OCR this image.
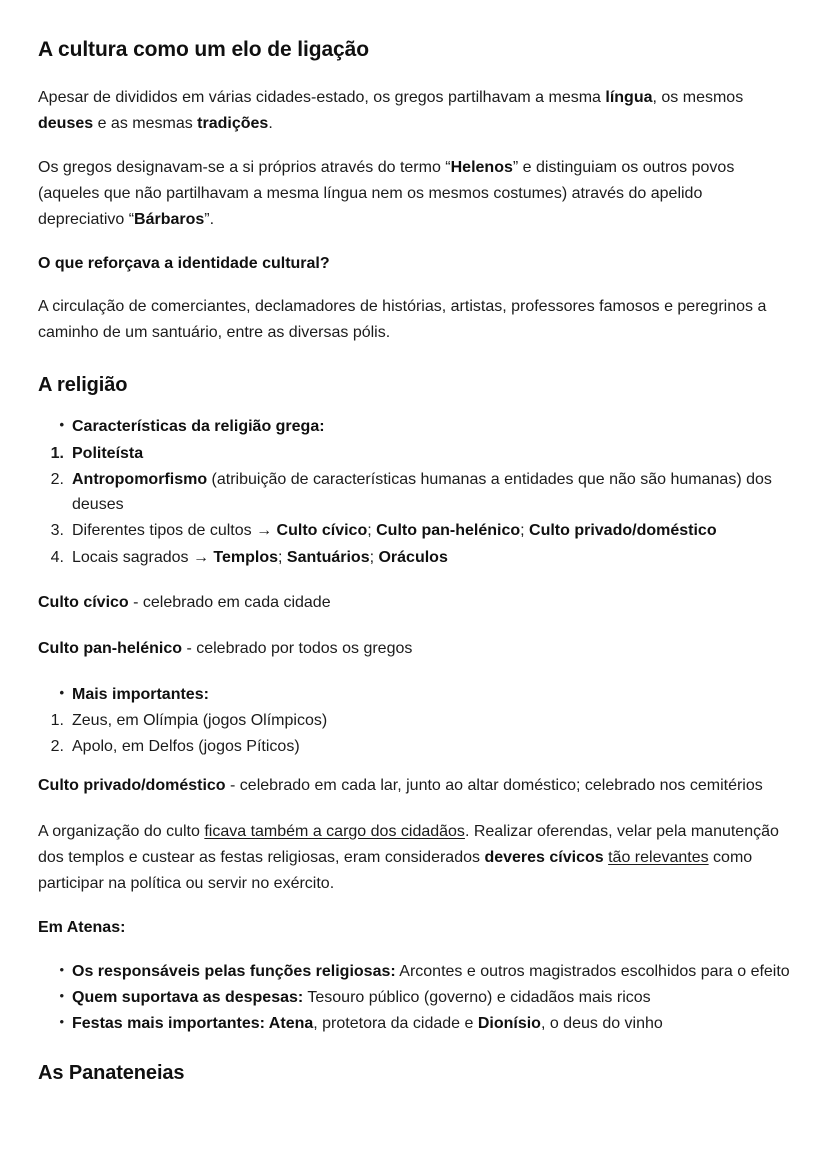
A cultura como um elo de ligação

Apesar de divididos em várias cidades-estado, os gregos partilhavam a mesma língua, os mesmos deuses e as mesmas tradições.

Os gregos designavam-se a si próprios através do termo “Helenos” e distinguiam os outros povos (aqueles que não partilhavam a mesma língua nem os mesmos costumes) através do apelido depreciativo “Bárbaros”.

O que reforçava a identidade cultural?

A circulação de comerciantes, declamadores de histórias, artistas, professores famosos e peregrinos a caminho de um santuário, entre as diversas pólis.

A religião
• Características da religião grega:
1. Politeísta
2. Antropomorfismo (atribuição de características humanas a entidades que não são humanas) dos deuses
3. Diferentes tipos de cultos → Culto cívico; Culto pan-helénico; Culto privado/doméstico
4. Locais sagrados → Templos; Santuários; Oráculos

Culto cívico - celebrado em cada cidade

Culto pan-helénico - celebrado por todos os gregos

• Mais importantes:
1. Zeus, em Olímpia (jogos Olímpicos)
2. Apolo, em Delfos (jogos Píticos)

Culto privado/doméstico - celebrado em cada lar, junto ao altar doméstico; celebrado nos cemitérios

A organização do culto ficava também a cargo dos cidadãos. Realizar oferendas, velar pela manutenção dos templos e custear as festas religiosas, eram considerados deveres cívicos tão relevantes como participar na política ou servir no exército.

Em Atenas:

• Os responsáveis pelas funções religiosas: Arcontes e outros magistrados escolhidos para o efeito
• Quem suportava as despesas: Tesouro público (governo) e cidadãos mais ricos
• Festas mais importantes: Atena, protetora da cidade e Dionísio, o deus do vinho
As Panateneias
